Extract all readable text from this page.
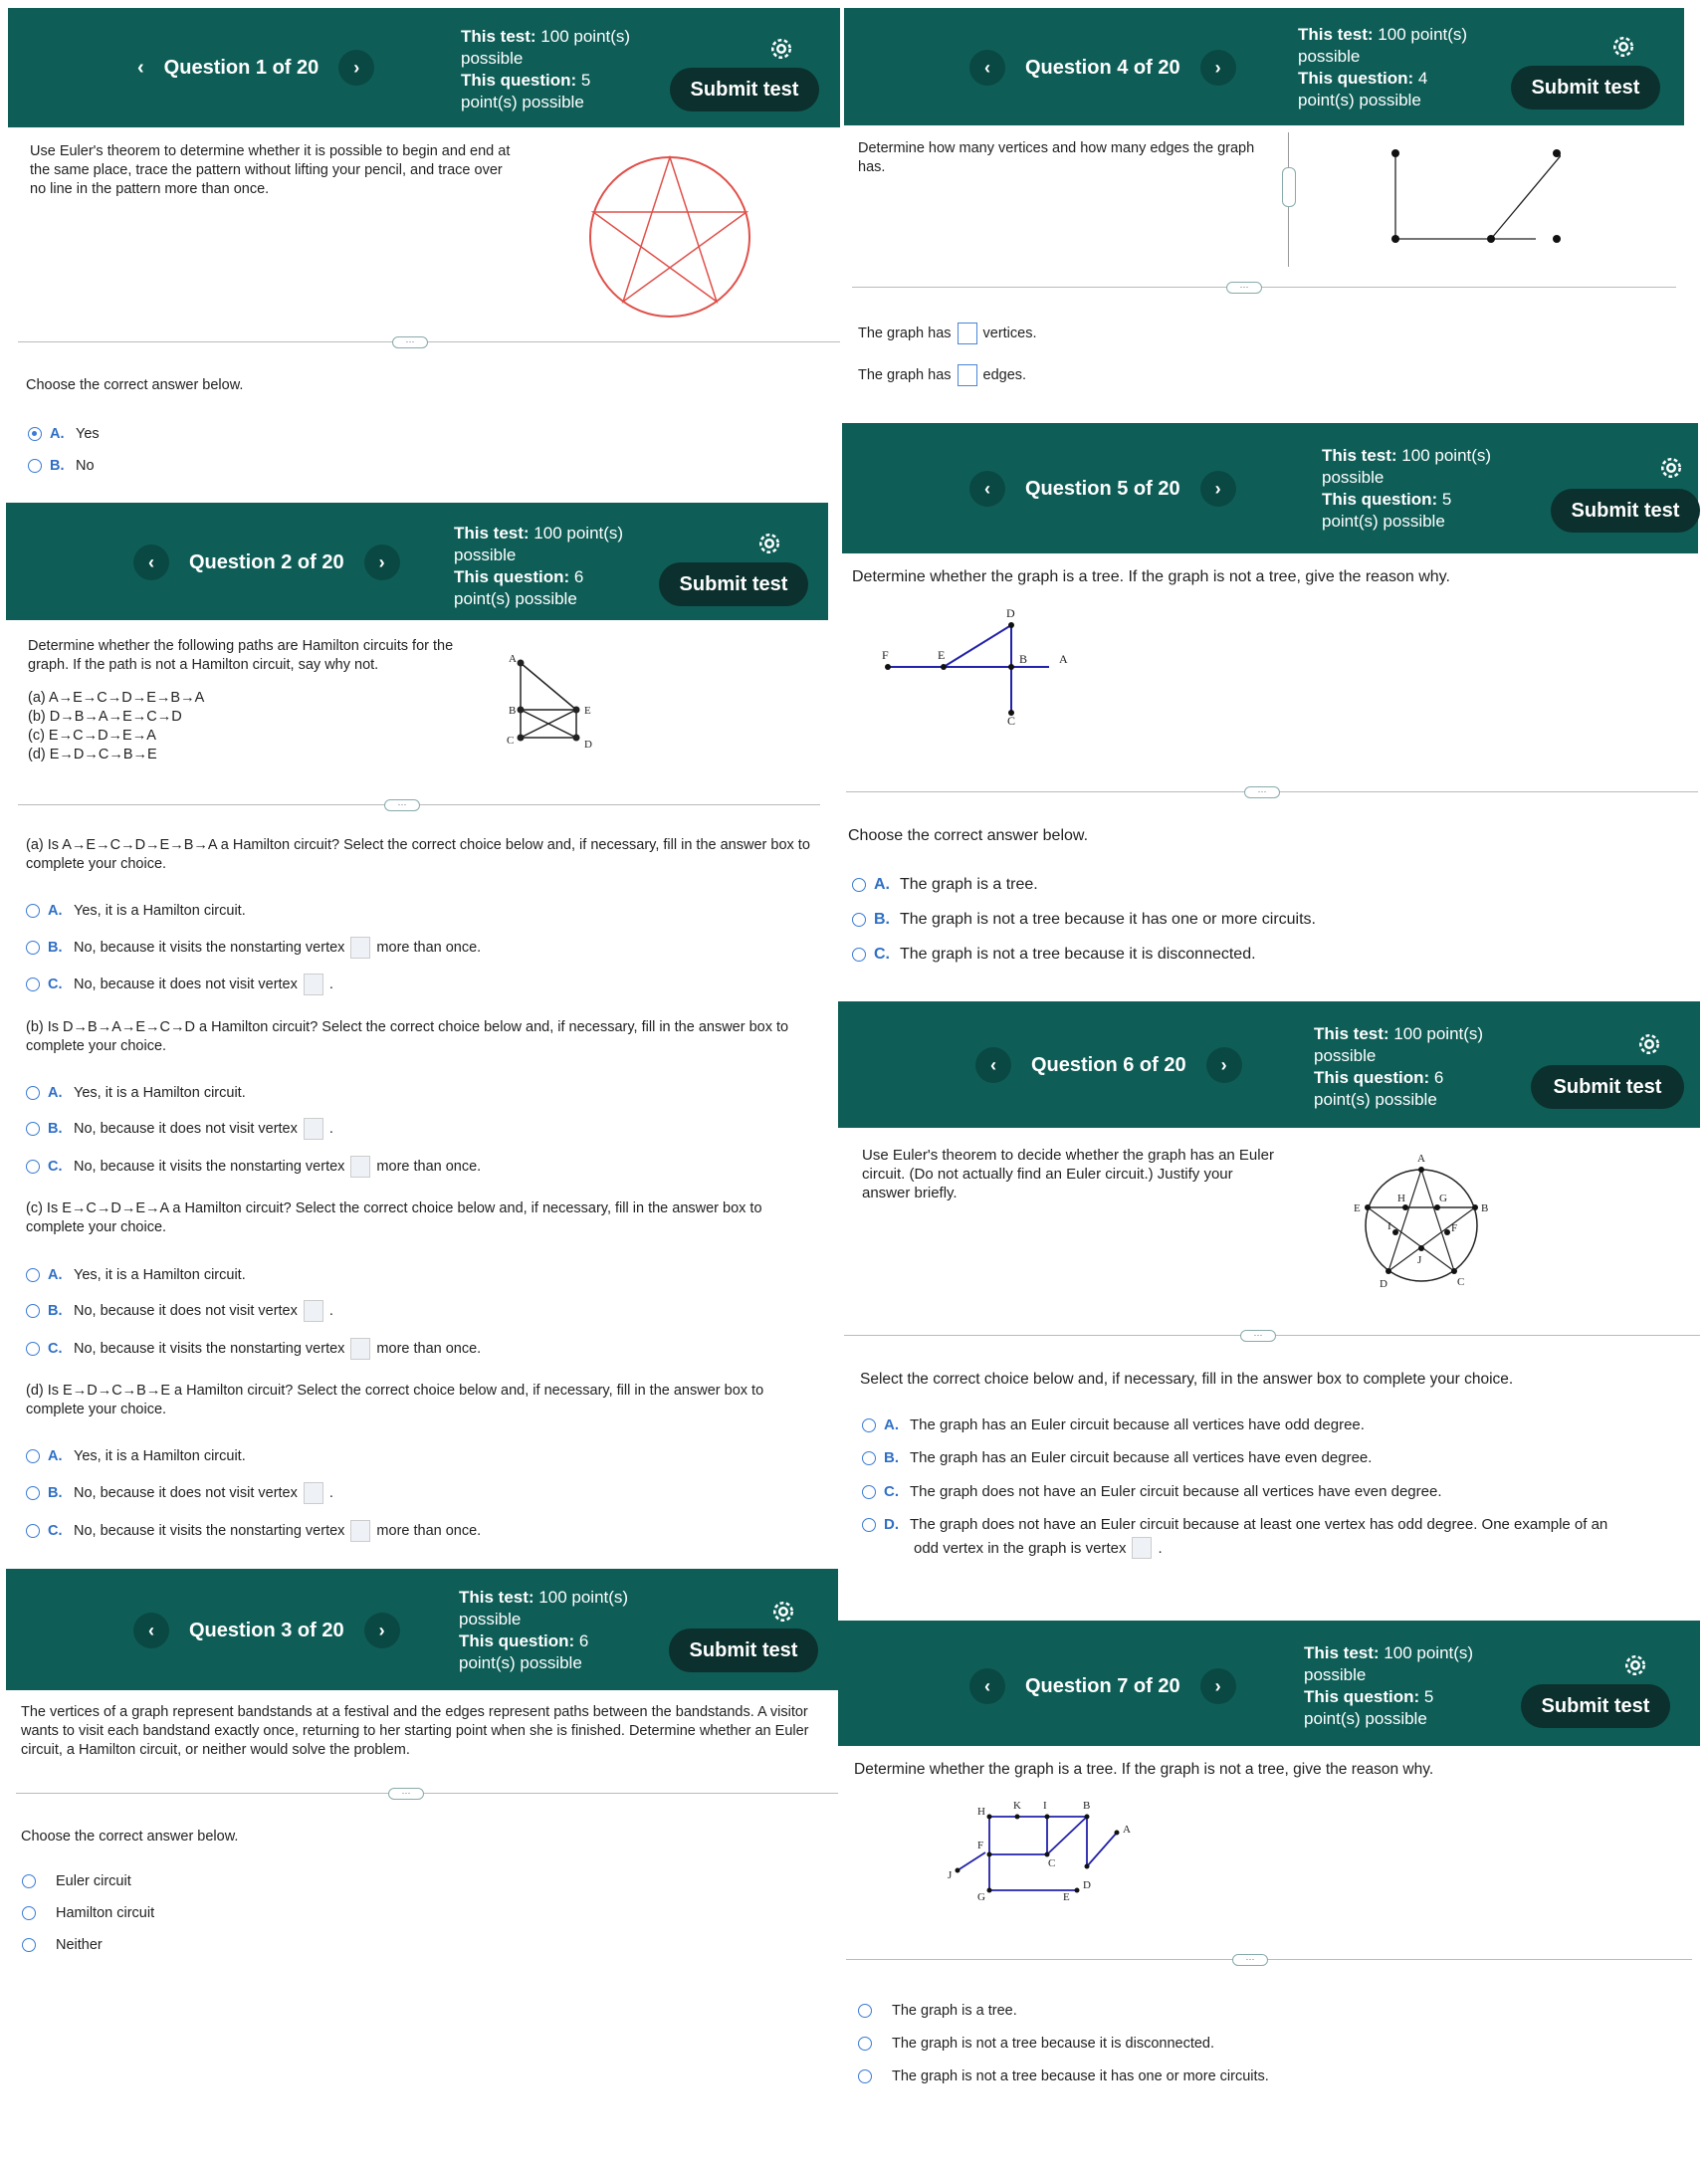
‹ Question 1 of 20	›
This test: 100 point(s) possible
This question: 5 point(s) possible
Submit test
Use Euler's theorem to determine whether it is possible to begin and end at the same place, trace the pattern without lifting your pencil, and trace over no line in the pattern more than once.
···
Choose the correct answer below.
A. Yes
B. No
‹	Question 2 of 20	›
This test: 100 point(s) possible
This question: 6 point(s) possible
Submit test
Determine whether the following paths are Hamilton circuits for the graph. If the path is not a Hamilton circuit, say why not.
(a) A→E→C→D→E→B→A
(b) D→B→A→E→C→D
(c) E→C→D→E→A
(d) E→D→C→B→E
A
B	E
C	D
···
(a) Is A→E→C→D→E→B→A a Hamilton circuit? Select the correct choice below and, if necessary, fill in the answer box to complete your choice.
A. Yes, it is a Hamilton circuit.
B. No, because it visits the nonstarting vertex more than once.
C. No, because it does not visit vertex .
(b) Is D→B→A→E→C→D a Hamilton circuit? Select the correct choice below and, if necessary, fill in the answer box to complete your choice.
A. Yes, it is a Hamilton circuit.
B. No, because it does not visit vertex .
C. No, because it visits the nonstarting vertex more than once.
(c) Is E→C→D→E→A a Hamilton circuit? Select the correct choice below and, if necessary, fill in the answer box to complete your choice.
A. Yes, it is a Hamilton circuit.
B. No, because it does not visit vertex .
C. No, because it visits the nonstarting vertex more than once.
(d) Is E→D→C→B→E a Hamilton circuit? Select the correct choice below and, if necessary, fill in the answer box to complete your choice.
A. Yes, it is a Hamilton circuit.
B. No, because it does not visit vertex .
C. No, because it visits the nonstarting vertex more than once.
‹	Question 3 of 20	›
This test: 100 point(s) possible
This question: 6 point(s) possible
Submit test
The vertices of a graph represent bandstands at a festival and the edges represent paths between the bandstands. A visitor wants to visit each bandstand exactly once, returning to her starting point when she is finished. Determine whether an Euler circuit, a Hamilton circuit, or neither would solve the problem.
···
Choose the correct answer below.
Euler circuit
Hamilton circuit
Neither
‹	Question 4 of 20	›
This test: 100 point(s) possible
This question: 4 point(s) possible
Submit test
Determine how many vertices and how many edges the graph has.
···
The graph has vertices.
The graph has edges.
‹	Question 5 of 20	›
This test: 100 point(s) possible
This question: 5 point(s) possible	Submit test
Determine whether the graph is a tree. If the graph is not a tree, give the reason why.
D
F	E	B	A
C
···
Choose the correct answer below.
A. The graph is a tree.
B. The graph is not a tree because it has one or more circuits.
C. The graph is not a tree because it is disconnected.
‹	Question 6 of 20	›
This test: 100 point(s) possible
This question: 6 point(s) possible
Submit test
Use Euler's theorem to decide whether the graph has an Euler circuit. (Do not actually find an Euler circuit.) Justify your answer briefly.
A
E
H	G
B
I	F
J
D	C
···
Select the correct choice below and, if necessary, fill in the answer box to complete your choice.
A. The graph has an Euler circuit because all vertices have odd degree.
B. The graph has an Euler circuit because all vertices have even degree.
C. The graph does not have an Euler circuit because all vertices have even degree.
D. The graph does not have an Euler circuit because at least one vertex has odd degree. One example of an
odd vertex in the graph is vertex .
‹	Question 7 of 20	›
This test: 100 point(s) possible
This question: 5 point(s) possible
Submit test
Determine whether the graph is a tree. If the graph is not a tree, give the reason why.
K I	B
H
A
F
C
J
G	E
D
···
The graph is a tree.
The graph is not a tree because it is disconnected.
The graph is not a tree because it has one or more circuits.
